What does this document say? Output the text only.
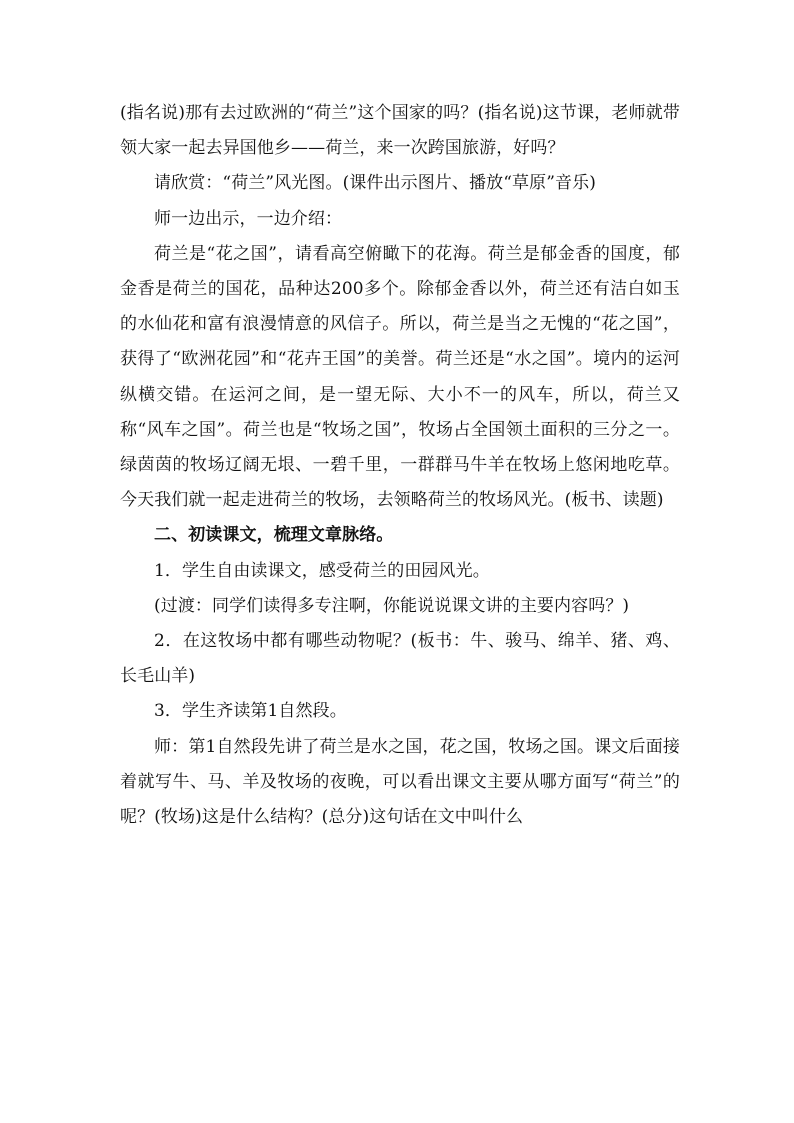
(指名说)那有去过欧洲的“荷兰”这个国家的吗？(指名说)这节课，老师就带领大家一起去异国他乡——荷兰，来一次跨国旅游，好吗？

请欣赏：“荷兰”风光图。(课件出示图片、播放“草原”音乐)

师一边出示，一边介绍：

荷兰是“花之国”，请看高空俯瞰下的花海。荷兰是郁金香的国度，郁金香是荷兰的国花，品种达200多个。除郁金香以外，荷兰还有洁白如玉的水仙花和富有浪漫情意的风信子。所以，荷兰是当之无愧的“花之国”，获得了“欧洲花园”和“花卉王国”的美誉。荷兰还是“水之国”。境内的运河纵横交错。在运河之间，是一望无际、大小不一的风车，所以，荷兰又称“风车之国”。荷兰也是“牧场之国”，牧场占全国领土面积的三分之一。绿茵茵的牧场辽阔无垠、一碧千里，一群群马牛羊在牧场上悠闲地吃草。今天我们就一起走进荷兰的牧场，去领略荷兰的牧场风光。(板书、读题)

二、初读课文，梳理文章脉络。

1．学生自由读课文，感受荷兰的田园风光。

(过渡：同学们读得多专注啊，你能说说课文讲的主要内容吗？)

2．在这牧场中都有哪些动物呢？(板书：牛、骏马、绵羊、猪、鸡、长毛山羊)

3．学生齐读第1自然段。

师：第1自然段先讲了荷兰是水之国，花之国，牧场之国。课文后面接着就写牛、马、羊及牧场的夜晚，可以看出课文主要从哪方面写“荷兰”的呢？(牧场)这是什么结构？(总分)这句话在文中叫什么
